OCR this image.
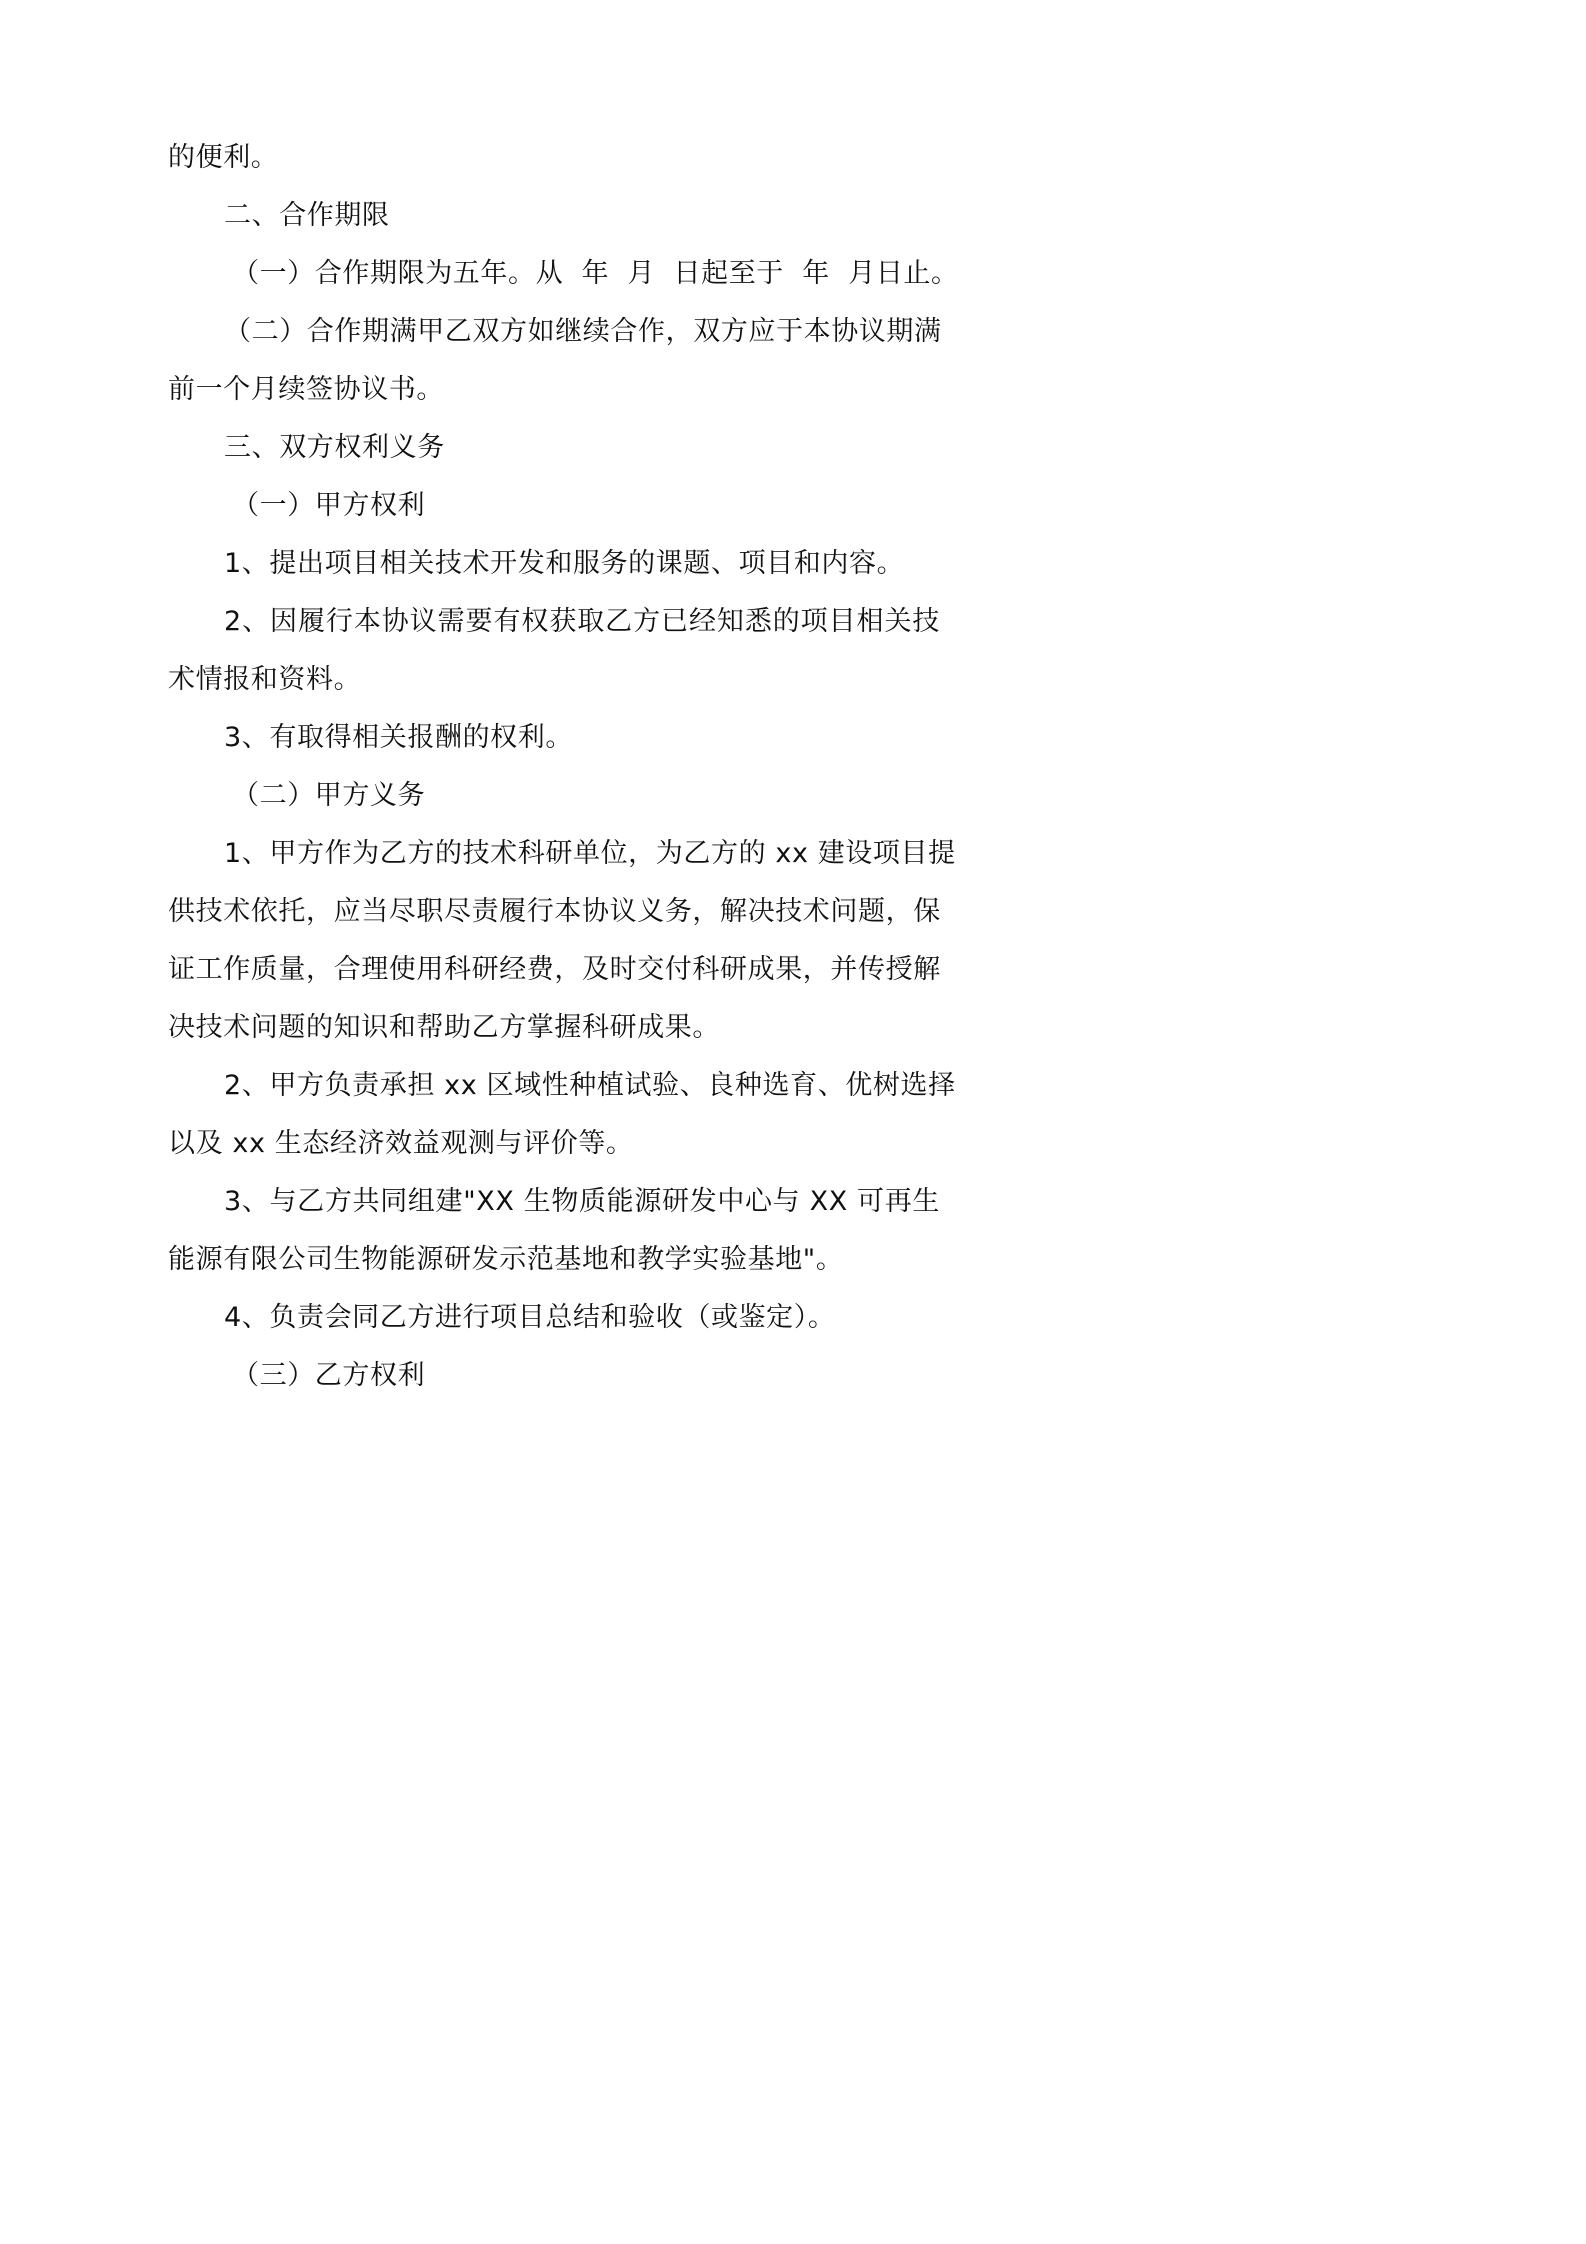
的便利。
二、合作期限
（一）合作期限为五年。从  年  月  日起至于  年  月日止。
（二）合作期满甲乙双方如继续合作，双方应于本协议期满
前一个月续签协议书。
三、双方权利义务
（一）甲方权利
1、提出项目相关技术开发和服务的课题、项目和内容。
2、因履行本协议需要有权获取乙方已经知悉的项目相关技
术情报和资料。
3、有取得相关报酬的权利。
（二）甲方义务
1、甲方作为乙方的技术科研单位，为乙方的 xx 建设项目提
供技术依托，应当尽职尽责履行本协议义务，解决技术问题，保
证工作质量，合理使用科研经费，及时交付科研成果，并传授解
决技术问题的知识和帮助乙方掌握科研成果。
2、甲方负责承担 xx 区域性种植试验、良种选育、优树选择
以及 xx 生态经济效益观测与评价等。
3、与乙方共同组建"XX 生物质能源研发中心与 XX 可再生
能源有限公司生物能源研发示范基地和教学实验基地"。
4、负责会同乙方进行项目总结和验收（或鉴定）。
（三）乙方权利
